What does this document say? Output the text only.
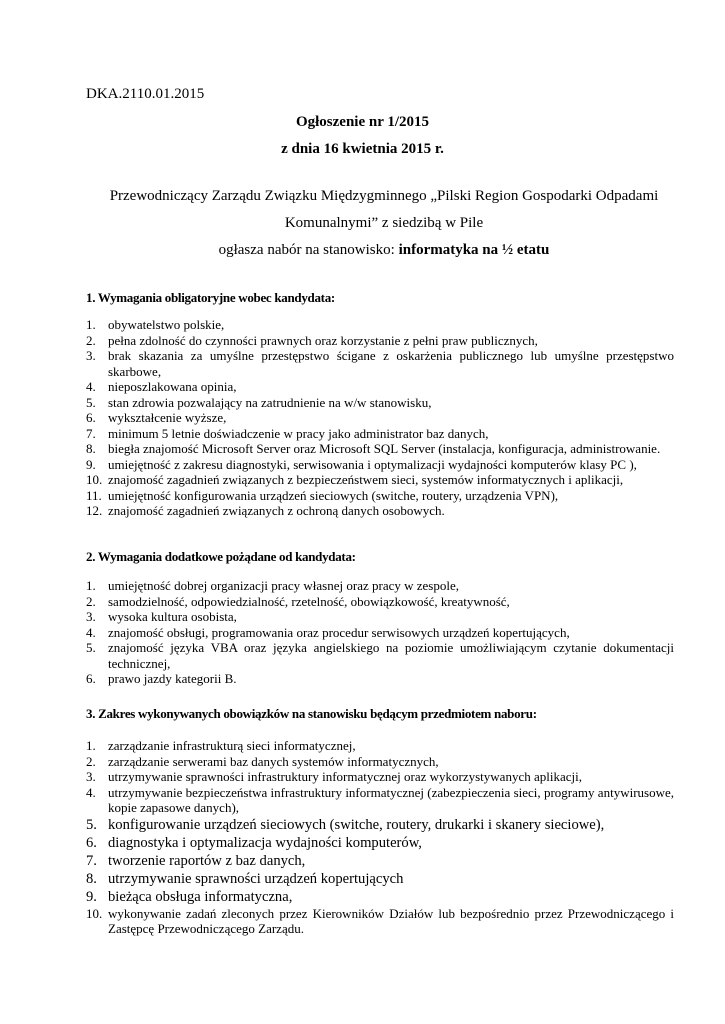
DKA.2110.01.2015
Ogłoszenie nr 1/2015
z dnia 16 kwietnia 2015 r.
Przewodniczący Zarządu Związku Międzygminnego „Pilski Region Gospodarki Odpadami
Komunalnymi” z siedzibą w Pile
ogłasza nabór na stanowisko: informatyka na ½ etatu
1. Wymagania obligatoryjne wobec kandydata:
1. obywatelstwo polskie,
2. pełna zdolność do czynności prawnych oraz korzystanie z pełni praw publicznych,
3. brak skazania za umyślne przestępstwo ścigane z oskarżenia publicznego lub umyślne przestępstwo skarbowe,
4. nieposzlakowana opinia,
5. stan zdrowia pozwalający na zatrudnienie na w/w stanowisku,
6. wykształcenie wyższe,
7. minimum 5 letnie doświadczenie w pracy jako administrator baz danych,
8. biegła znajomość Microsoft Server oraz Microsoft SQL Server (instalacja, konfiguracja, administrowanie.
9. umiejętność z zakresu diagnostyki, serwisowania i optymalizacji wydajności komputerów klasy PC ),
10. znajomość zagadnień związanych z bezpieczeństwem sieci, systemów informatycznych i aplikacji,
11. umiejętność konfigurowania urządzeń sieciowych (switche, routery, urządzenia VPN),
12. znajomość zagadnień związanych z ochroną danych osobowych.
2. Wymagania dodatkowe pożądane od kandydata:
1. umiejętność dobrej organizacji pracy własnej oraz pracy w zespole,
2. samodzielność, odpowiedzialność, rzetelność, obowiązkowość, kreatywność,
3. wysoka kultura osobista,
4. znajomość obsługi, programowania oraz procedur serwisowych urządzeń kopertujących,
5. znajomość języka VBA oraz języka angielskiego na poziomie umożliwiającym czytanie dokumentacji technicznej,
6. prawo jazdy kategorii B.
3. Zakres wykonywanych obowiązków na stanowisku będącym przedmiotem naboru:
1. zarządzanie infrastrukturą sieci informatycznej,
2. zarządzanie serwerami baz danych systemów informatycznych,
3. utrzymywanie sprawności infrastruktury informatycznej oraz wykorzystywanych aplikacji,
4. utrzymywanie bezpieczeństwa infrastruktury informatycznej (zabezpieczenia sieci, programy antywirusowe, kopie zapasowe danych),
5. konfigurowanie urządzeń sieciowych (switche, routery, drukarki i skanery sieciowe),
6. diagnostyka i optymalizacja wydajności komputerów,
7. tworzenie raportów z baz danych,
8. utrzymywanie sprawności urządzeń kopertujących
9. bieżąca obsługa informatyczna,
10. wykonywanie zadań zleconych przez Kierowników Działów lub bezpośrednio przez Przewodniczącego i Zastępcę Przewodniczącego Zarządu.
